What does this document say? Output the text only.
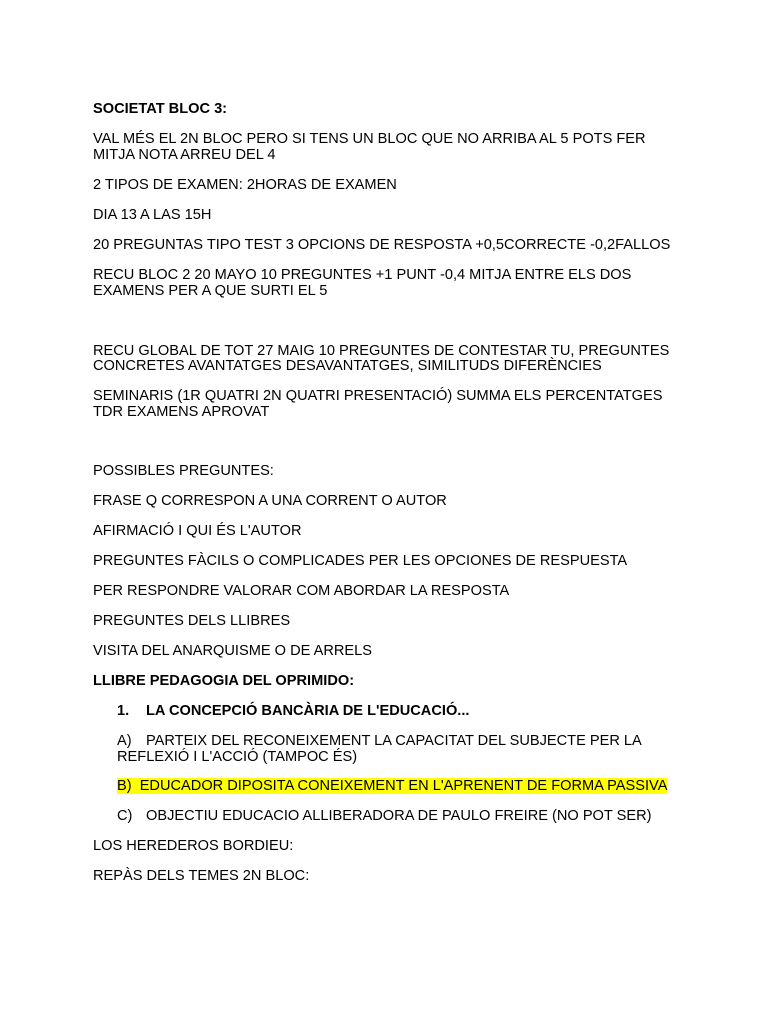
SOCIETAT BLOC 3:

VAL MÉS EL 2N BLOC PERO SI TENS UN BLOC QUE NO ARRIBA AL 5 POTS FER

MITJA NOTA ARREU DEL 4

2 TIPOS DE EXAMEN: 2HORAS DE EXAMEN

DIA 13 A LAS 15H

20 PREGUNTAS TIPO TEST 3 OPCIONS DE RESPOSTA +0,5CORRECTE -0,2FALLOS

RECU BLOC 2 20 MAYO 10 PREGUNTES +1 PUNT -0,4 MITJA ENTRE ELS DOS

EXAMENS PER A QUE SURTI EL 5

RECU GLOBAL DE TOT 27 MAIG 10 PREGUNTES DE CONTESTAR TU, PREGUNTES

CONCRETES AVANTATGES DESAVANTATGES, SIMILITUDS DIFERÈNCIES

SEMINARIS (1R QUATRI 2N QUATRI PRESENTACIÓ) SUMMA ELS PERCENTATGES

TDR EXAMENS APROVAT

POSSIBLES PREGUNTES:

FRASE Q CORRESPON A UNA CORRENT O AUTOR

AFIRMACIÓ I QUI ÉS L'AUTOR

PREGUNTES FÀCILS O COMPLICADES PER LES OPCIONES DE RESPUESTA

PER RESPONDRE VALORAR COM ABORDAR LA RESPOSTA

PREGUNTES DELS LLIBRES

VISITA DEL ANARQUISME O DE ARRELS

LLIBRE PEDAGOGIA DEL OPRIMIDO:

1. LA CONCEPCIÓ BANCÀRIA DE L'EDUCACIÓ...

A) PARTEIX DEL RECONEIXEMENT LA CAPACITAT DEL SUBJECTE PER LA

REFLEXIÓ I L'ACCIÓ (TAMPOC ÉS)

B) EDUCADOR DIPOSITA CONEIXEMENT EN L'APRENENT DE FORMA PASSIVA

C) OBJECTIU EDUCACIO ALLIBERADORA DE PAULO FREIRE (NO POT SER)

LOS HEREDEROS BORDIEU:

REPÀS DELS TEMES 2N BLOC:
